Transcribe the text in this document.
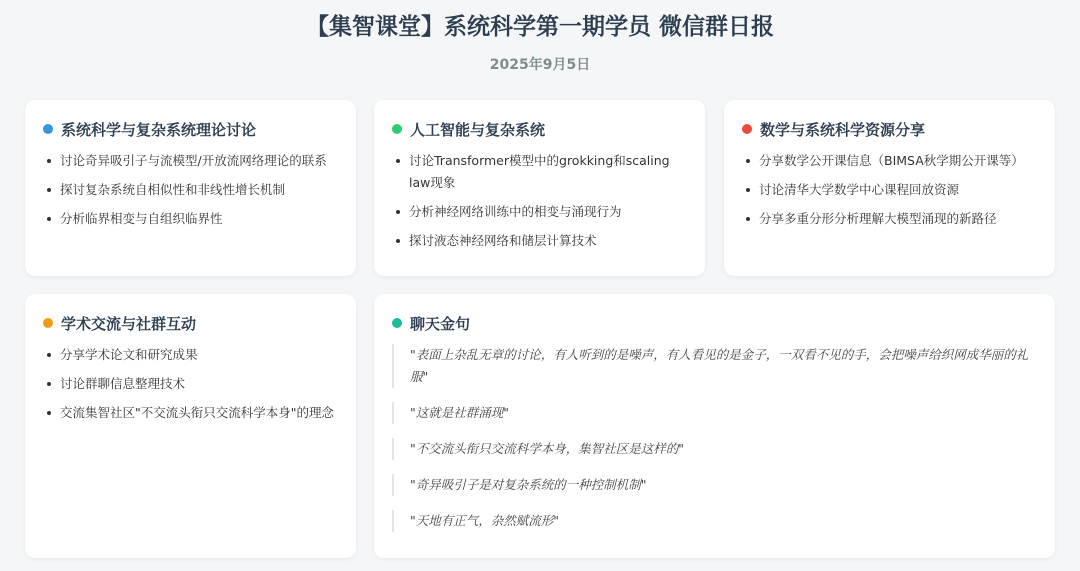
【集智课堂】系统科学第一期学员 微信群日报
2025年9月5日
系统科学与复杂系统理论讨论
讨论奇异吸引子与流模型/开放流网络理论的联系
探讨复杂系统自相似性和非线性增长机制
分析临界相变与自组织临界性
人工智能与复杂系统
讨论Transformer模型中的grokking和scaling law现象
分析神经网络训练中的相变与涌现行为
探讨液态神经网络和储层计算技术
数学与系统科学资源分享
分享数学公开课信息（BIMSA秋学期公开课等）
讨论清华大学数学中心课程回放资源
分享多重分形分析理解大模型涌现的新路径
学术交流与社群互动
分享学术论文和研究成果
讨论群聊信息整理技术
交流集智社区"不交流头衔只交流科学本身"的理念
聊天金句
"表面上杂乱无章的讨论，有人听到的是噪声，有人看见的是金子，一双看不见的手，会把噪声给织网成华丽的礼服"
"这就是社群涌现"
"不交流头衔只交流科学本身，集智社区是这样的"
"奇异吸引子是对复杂系统的一种控制机制"
"天地有正气，杂然赋流形"
